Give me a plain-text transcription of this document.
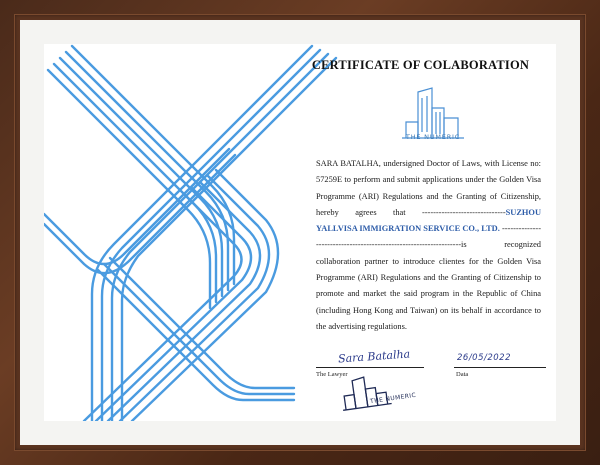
CERTIFICATE OF COLABORATION
THE NUMERIC
SARA BATALHA, undersigned Doctor of Laws, with License no: 57259E to perform and submit applications under the Golden Visa Programme (ARI) Regulations and the Granting of Citizenship, hereby agrees that ------------------------------SUZHOU YALLVISA IMMIGRATION SERVICE CO., LTD. ------------------------------------------------------------------is recognized collaboration partner to introduce clientes for the Golden Visa Programme (ARI) Regulations and the Granting of Citizenship to promote and market the said program in the Republic of China (including Hong Kong and Taiwan) on its behalf in accordance to the advertising regulations.
Sara Batalha
The Lawyer
26/05/2022
Data
THE NUMERIC
